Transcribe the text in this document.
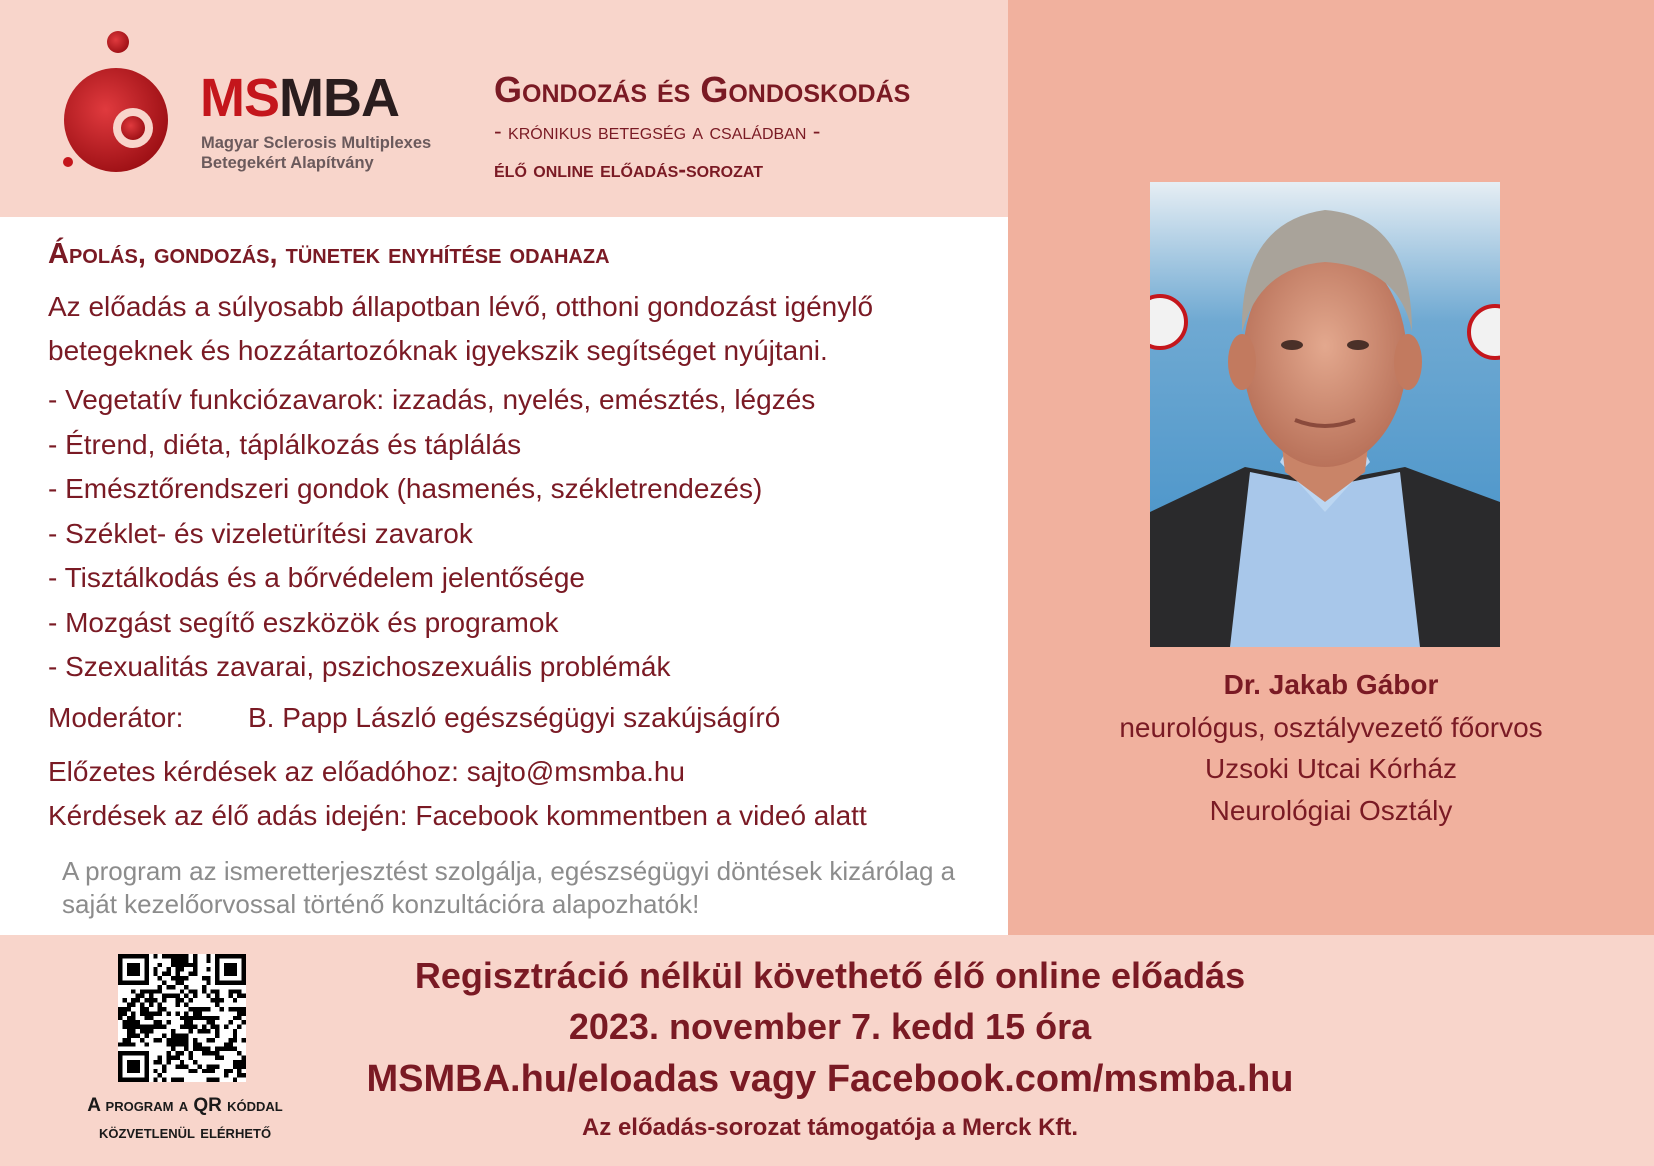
MSMBA
Magyar Sclerosis Multiplexes
Betegekért Alapítvány
Gondozás és Gondoskodás
- krónikus betegség a családban -
élő online előadás-sorozat
Ápolás, gondozás, tünetek enyhítése odahaza
Az előadás a súlyosabb állapotban lévő, otthoni gondozást igénylő betegeknek és hozzátartozóknak igyekszik segítséget nyújtani.
- Vegetatív funkciózavarok: izzadás, nyelés, emésztés, légzés
- Étrend, diéta, táplálkozás és táplálás
- Emésztőrendszeri gondok (hasmenés, székletrendezés)
- Széklet- és vizeletürítési zavarok
- Tisztálkodás és a bőrvédelem jelentősége
- Mozgást segítő eszközök és programok
- Szexualitás zavarai, pszichoszexuális problémák
Moderátor: B. Papp László egészségügyi szakújságíró
Előzetes kérdések az előadóhoz: sajto@msmba.hu
Kérdések az élő adás idején: Facebook kommentben a videó alatt
A program az ismeretterjesztést szolgálja, egészségügyi döntések kizárólag a saját kezelőorvossal történő konzultációra alapozhatók!
Dr. Jakab Gábor
neurológus, osztályvezető főorvos
Uzsoki Utcai Kórház
Neurológiai Osztály
A program a QR kóddal
közvetlenül elérhető
Regisztráció nélkül követhető élő online előadás
2023. november 7. kedd 15 óra
MSMBA.hu/eloadas vagy Facebook.com/msmba.hu
Az előadás-sorozat támogatója a Merck Kft.
